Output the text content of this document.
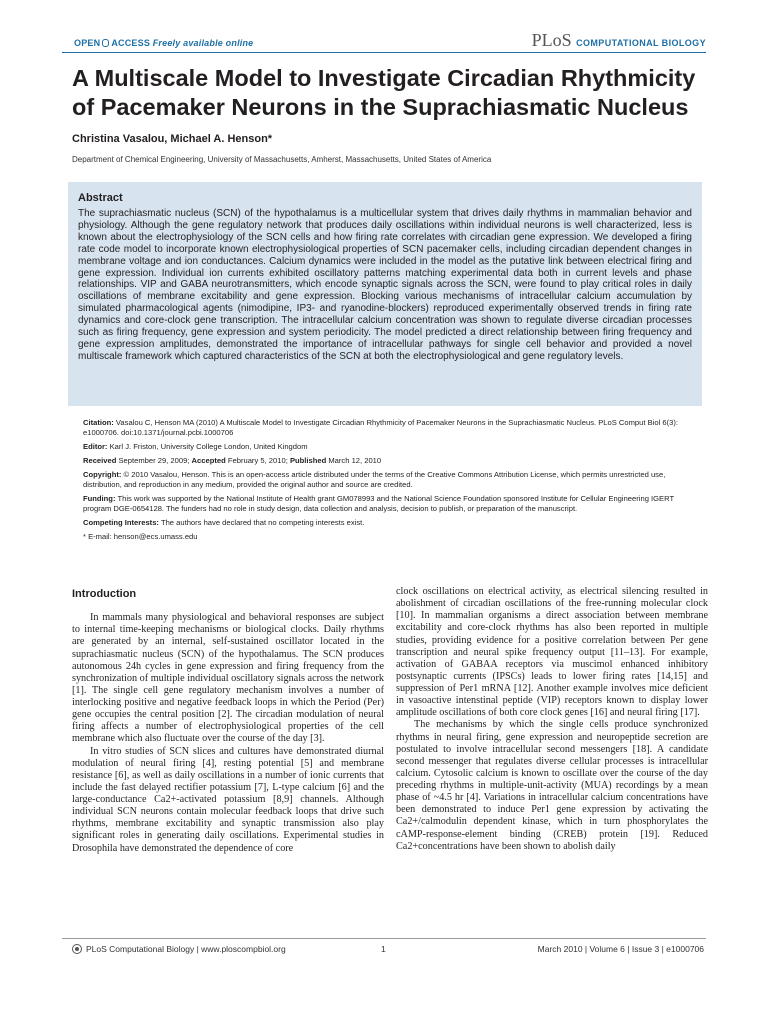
OPEN ACCESS Freely available online	PLoS COMPUTATIONAL BIOLOGY
A Multiscale Model to Investigate Circadian Rhythmicity of Pacemaker Neurons in the Suprachiasmatic Nucleus
Christina Vasalou, Michael A. Henson*
Department of Chemical Engineering, University of Massachusetts, Amherst, Massachusetts, United States of America
Abstract
The suprachiasmatic nucleus (SCN) of the hypothalamus is a multicellular system that drives daily rhythms in mammalian behavior and physiology. Although the gene regulatory network that produces daily oscillations within individual neurons is well characterized, less is known about the electrophysiology of the SCN cells and how firing rate correlates with circadian gene expression. We developed a firing rate code model to incorporate known electrophysiological properties of SCN pacemaker cells, including circadian dependent changes in membrane voltage and ion conductances. Calcium dynamics were included in the model as the putative link between electrical firing and gene expression. Individual ion currents exhibited oscillatory patterns matching experimental data both in current levels and phase relationships. VIP and GABA neurotransmitters, which encode synaptic signals across the SCN, were found to play critical roles in daily oscillations of membrane excitability and gene expression. Blocking various mechanisms of intracellular calcium accumulation by simulated pharmacological agents (nimodipine, IP3- and ryanodine-blockers) reproduced experimentally observed trends in firing rate dynamics and core-clock gene transcription. The intracellular calcium concentration was shown to regulate diverse circadian processes such as firing frequency, gene expression and system periodicity. The model predicted a direct relationship between firing frequency and gene expression amplitudes, demonstrated the importance of intracellular pathways for single cell behavior and provided a novel multiscale framework which captured characteristics of the SCN at both the electrophysiological and gene regulatory levels.

Citation: Vasalou C, Henson MA (2010) A Multiscale Model to Investigate Circadian Rhythmicity of Pacemaker Neurons in the Suprachiasmatic Nucleus. PLoS Comput Biol 6(3): e1000706. doi:10.1371/journal.pcbi.1000706

Editor: Karl J. Friston, University College London, United Kingdom

Received September 29, 2009; Accepted February 5, 2010; Published March 12, 2010

Copyright: © 2010 Vasalou, Henson. This is an open-access article distributed under the terms of the Creative Commons Attribution License, which permits unrestricted use, distribution, and reproduction in any medium, provided the original author and source are credited.

Funding: This work was supported by the National Institute of Health grant GM078993 and the National Science Foundation sponsored Institute for Cellular Engineering IGERT program DGE-0654128. The funders had no role in study design, data collection and analysis, decision to publish, or preparation of the manuscript.

Competing Interests: The authors have declared that no competing interests exist.

* E-mail: henson@ecs.umass.edu

Introduction

In mammals many physiological and behavioral responses are subject to internal time-keeping mechanisms or biological clocks. Daily rhythms are generated by an internal, self-sustained oscillator located in the suprachiasmatic nucleus (SCN) of the hypothalamus. The SCN produces autonomous 24h cycles in gene expression and firing frequency from the synchronization of multiple individual oscillatory signals across the network [1]. The single cell gene regulatory mechanism involves a number of interlocking positive and negative feedback loops in which the Period (Per) gene occupies the central position [2]. The circadian modulation of neural firing affects a number of electrophysiological properties of the cell membrane which also fluctuate over the course of the day [3].

In vitro studies of SCN slices and cultures have demonstrated diurnal modulation of neural firing [4], resting potential [5] and membrane resistance [6], as well as daily oscillations in a number of ionic currents that include the fast delayed rectifier potassium [7], L-type calcium [6] and the large-conductance Ca2+-activated potassium [8,9] channels. Although individual SCN neurons contain molecular feedback loops that drive such rhythms, membrane excitability and synaptic transmission also play significant roles in generating daily oscillations. Experimental studies in Drosophila have demonstrated the dependence of core

clock oscillations on electrical activity, as electrical silencing resulted in abolishment of circadian oscillations of the free-running molecular clock [10]. In mammalian organisms a direct association between membrane excitability and core-clock rhythms has also been reported in multiple studies, providing evidence for a positive correlation between Per gene transcription and neural spike frequency output [11–13]. For example, activation of GABAA receptors via muscimol enhanced inhibitory postsynaptic currents (IPSCs) leads to lower firing rates [14,15] and suppression of Per1 mRNA [12]. Another example involves mice deficient in vasoactive intenstinal peptide (VIP) receptors known to display lower amplitude oscillations of both core clock genes [16] and neural firing [17].

The mechanisms by which the single cells produce synchronized rhythms in neural firing, gene expression and neuropeptide secretion are postulated to involve intracellular second messengers [18]. A candidate second messenger that regulates diverse cellular processes is intracellular calcium. Cytosolic calcium is known to oscillate over the course of the day preceding rhythms in multiple-unit-activity (MUA) recordings by a mean phase of ~4.5 hr [4]. Variations in intracellular calcium concentrations have been demonstrated to induce Per1 gene expression by activating the Ca2+/calmodulin dependent kinase, which in turn phosphorylates the cAMP-response-element binding (CREB) protein [19]. Reduced Ca2+concentrations have been shown to abolish daily

PLoS Computational Biology | www.ploscompbiol.org	1	March 2010 | Volume 6 | Issue 3 | e1000706
